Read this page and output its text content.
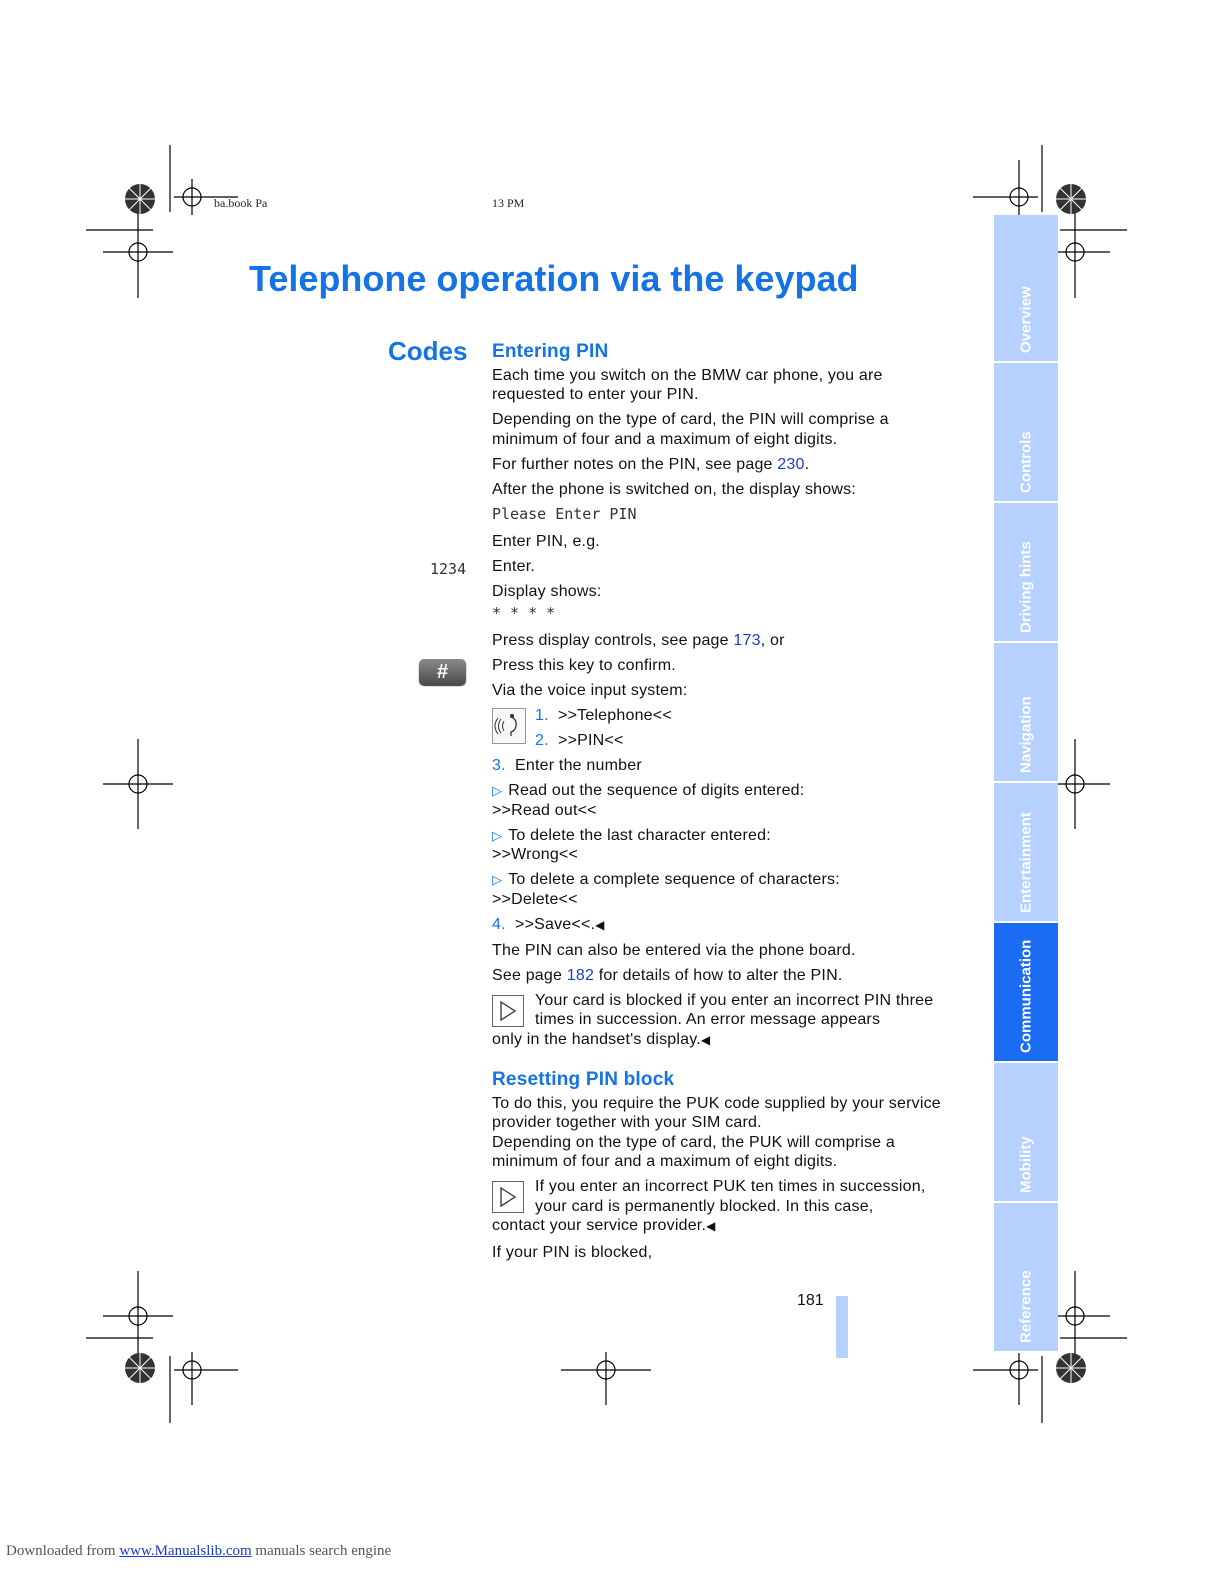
ba.book Pa	13 PM
Telephone operation via the keypad
Codes
1234
#
Entering PIN

Each time you switch on the BMW car phone, you are requested to enter your PIN.

Depending on the type of card, the PIN will comprise a minimum of four and a maximum of eight digits.

For further notes on the PIN, see page 230.

After the phone is switched on, the display shows:

Please Enter PIN

Enter PIN, e.g.

Enter.

Display shows:

* * * *

Press display controls, see page 173, or

Press this key to confirm.

Via the voice input system:

1. >>Telephone<<

2. >>PIN<<

3. Enter the number

▷ Read out the sequence of digits entered:

>>Read out<<

▷ To delete the last character entered:

>>Wrong<<

▷ To delete a complete sequence of characters:

>>Delete<<

4. >>Save<<.◀

The PIN can also be entered via the phone board.

See page 182 for details of how to alter the PIN.

Your card is blocked if you enter an incorrect PIN three times in succession. An error message appears

only in the handset's display.◀

Resetting PIN block

To do this, you require the PUK code supplied by your service provider together with your SIM card.

Depending on the type of card, the PUK will comprise a minimum of four and a maximum of eight digits.

If you enter an incorrect PUK ten times in succession, your card is permanently blocked. In this case,

contact your service provider.◀

If your PIN is blocked,

Overview
Controls
Driving hints
Navigation
Entertainment
Communication
Mobility
Reference
181
Downloaded from www.Manualslib.com manuals search engine
